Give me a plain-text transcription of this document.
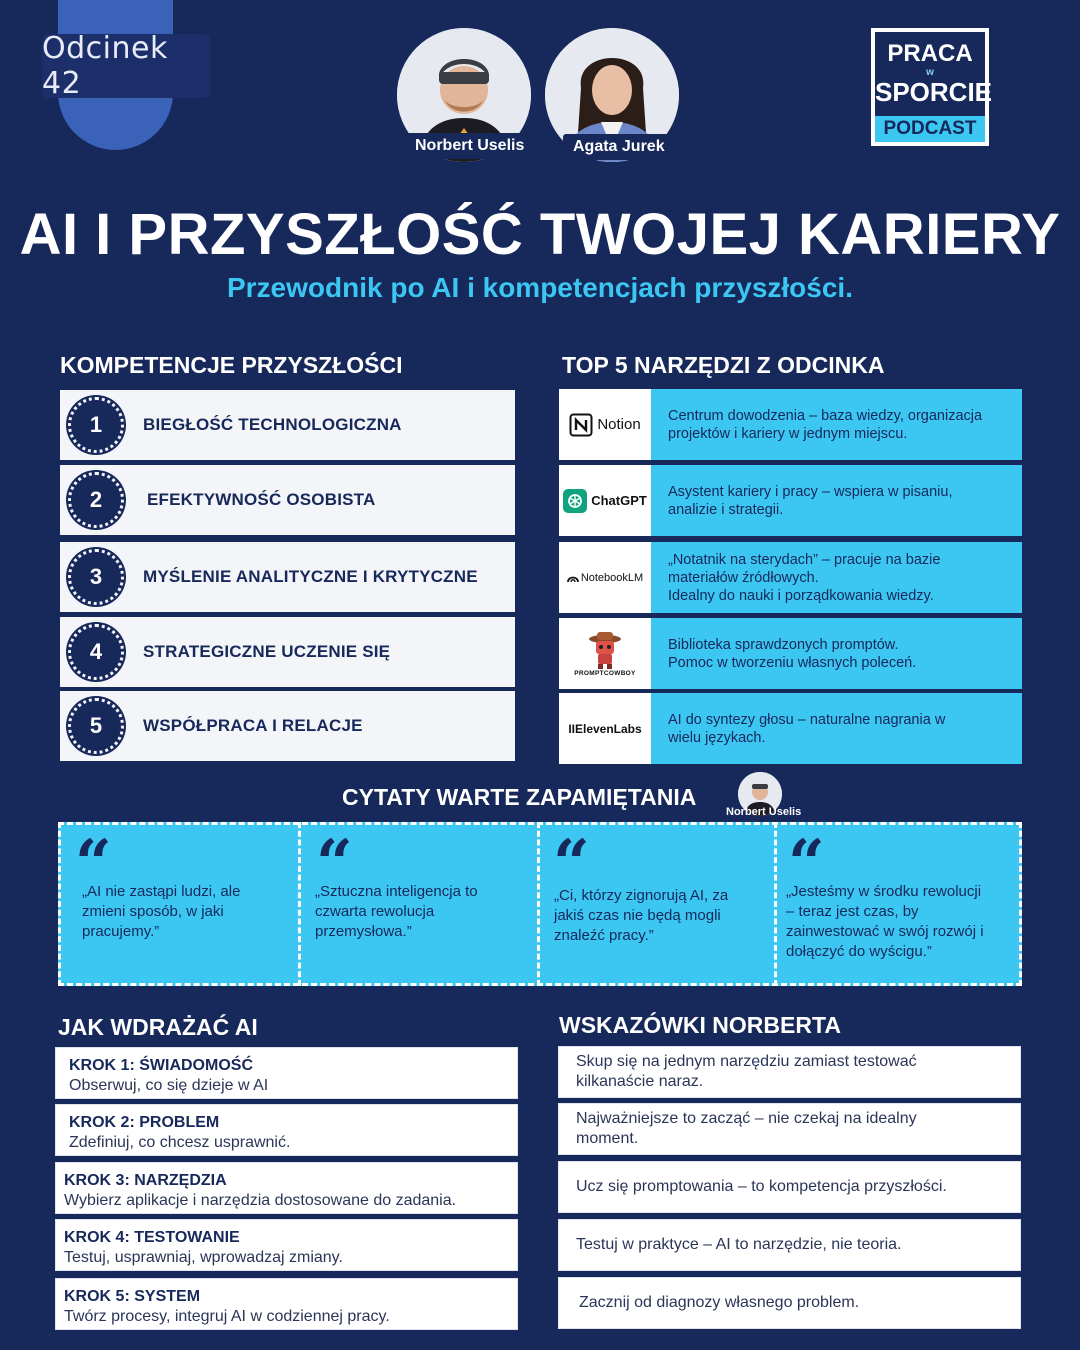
Odcinek 42
Norbert Uselis	Agata Jurek
PRACA
w
SPORCIE
PODCAST
AI I PRZYSZŁOŚĆ TWOJEJ KARIERY
Przewodnik po AI i kompetencjach przyszłości.
KOMPETENCJE PRZYSZŁOŚCI
1	BIEGŁOŚĆ TECHNOLOGICZNA
2	EFEKTYWNOŚĆ OSOBISTA
3	MYŚLENIE ANALITYCZNE I KRYTYCZNE
4	STRATEGICZNE UCZENIE SIĘ
5	WSPÓŁPRACA I RELACJE
TOP 5 NARZĘDZI Z ODCINKA
Notion
Centrum dowodzenia – baza wiedzy, organizacja
projektów i kariery w jednym miejscu.
ChatGPT
Asystent kariery i pracy – wspiera w pisaniu,
analizie i strategii.
NotebookLM
„Notatnik na sterydach” – pracuje na bazie
materiałów źródłowych.
Idealny do nauki i porządkowania wiedzy.
PROMPTCOWBOY
Biblioteka sprawdzonych promptów.
Pomoc w tworzeniu własnych poleceń.
IIElevenLabs
AI do syntezy głosu – naturalne nagrania w
wielu językach.
CYTATY WARTE ZAPAMIĘTANIA
Norbert Uselis
“
„AI nie zastąpi ludzi, ale
zmieni sposób, w jaki
pracujemy.”
“
„Sztuczna inteligencja to
czwarta rewolucja
przemysłowa.”
“
„Ci, którzy zignorują AI, za
jakiś czas nie będą mogli
znaleźć pracy.”
“
„Jesteśmy w środku rewolucji
– teraz jest czas, by
zainwestować w swój rozwój i
dołączyć do wyścigu.”
JAK WDRAŻAĆ AI
KROK 1: ŚWIADOMOŚĆ
Obserwuj, co się dzieje w AI
KROK 2: PROBLEM
Zdefiniuj, co chcesz usprawnić.
KROK 3: NARZĘDZIA
Wybierz aplikacje i narzędzia dostosowane do zadania.
KROK 4: TESTOWANIE
Testuj, usprawniaj, wprowadzaj zmiany.
KROK 5: SYSTEM
Twórz procesy, integruj AI w codziennej pracy.
WSKAZÓWKI NORBERTA
Skup się na jednym narzędziu zamiast testować
kilkanaście naraz.
Najważniejsze to zacząć – nie czekaj na idealny
moment.
Ucz się promptowania – to kompetencja przyszłości.
Testuj w praktyce – AI to narzędzie, nie teoria.
Zacznij od diagnozy własnego problem.
